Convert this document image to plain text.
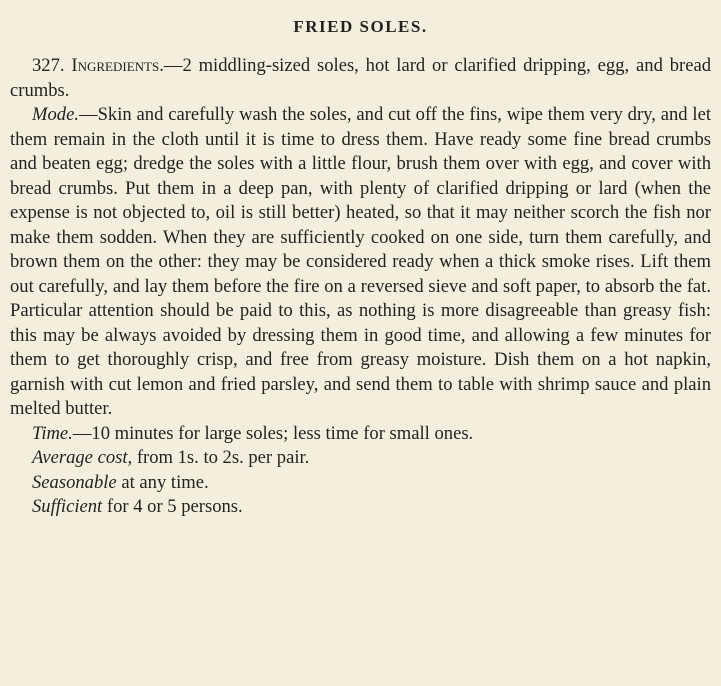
FRIED SOLES.

327. Ingredients.—2 middling-sized soles, hot lard or clarified dripping, egg, and bread crumbs.

Mode.—Skin and carefully wash the soles, and cut off the fins, wipe them very dry, and let them remain in the cloth until it is time to dress them. Have ready some fine bread crumbs and beaten egg; dredge the soles with a little flour, brush them over with egg, and cover with bread crumbs. Put them in a deep pan, with plenty of clarified dripping or lard (when the expense is not objected to, oil is still better) heated, so that it may neither scorch the fish nor make them sodden. When they are sufficiently cooked on one side, turn them carefully, and brown them on the other: they may be considered ready when a thick smoke rises. Lift them out carefully, and lay them before the fire on a reversed sieve and soft paper, to absorb the fat. Particular attention should be paid to this, as nothing is more disagreeable than greasy fish: this may be always avoided by dressing them in good time, and allowing a few minutes for them to get thoroughly crisp, and free from greasy moisture. Dish them on a hot napkin, garnish with cut lemon and fried parsley, and send them to table with shrimp sauce and plain melted butter.

Time.—10 minutes for large soles; less time for small ones.

Average cost, from 1s. to 2s. per pair.

Seasonable at any time.

Sufficient for 4 or 5 persons.
